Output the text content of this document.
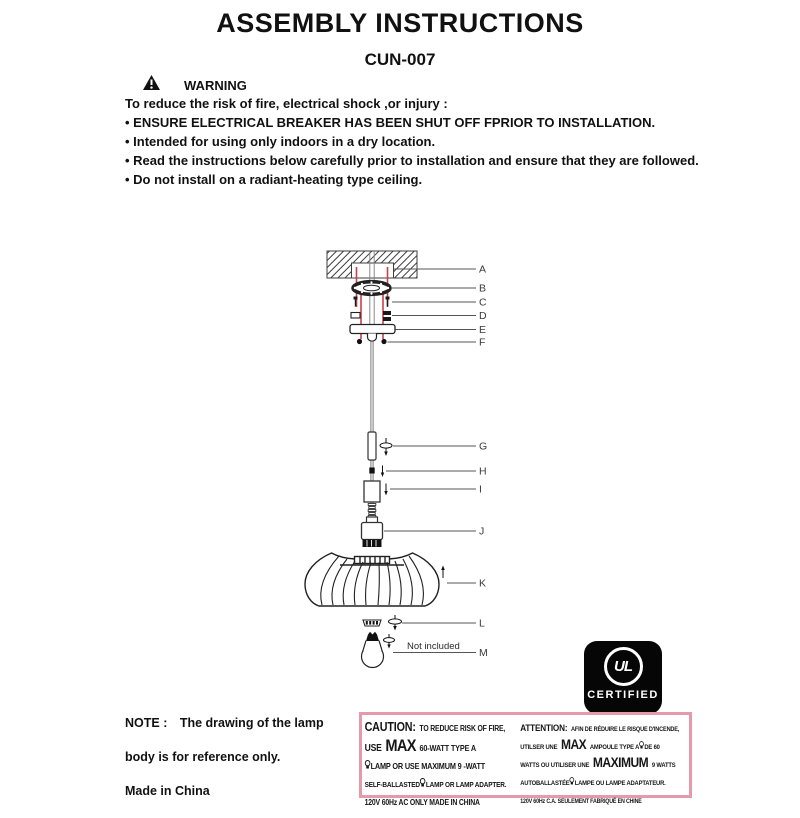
ASSEMBLY INSTRUCTIONS
CUN-007
WARNING
To reduce the risk of fire, electrical shock ,or injury :
• ENSURE ELECTRICAL BREAKER HAS BEEN SHUT OFF FPRIOR TO INSTALLATION.
• Intended for using only indoors in a dry location.
• Read the instructions below carefully prior to installation and ensure that they are followed.
• Do not install on a radiant-heating type ceiling.
A
B
C
D
E
F
G
H
I
J
K
L
M
Not included
UL
CERTIFIED
NOTE : The drawing of the lamp
body is for reference only.
Made in China
CAUTION: TO REDUCE RISK OF FIRE,
USE MAX 60-WATT TYPE A
LAMP OR USE MAXIMUM 9 -WATT
SELF-BALLASTED LAMP OR LAMP ADAPTER.
120V 60Hz AC ONLY MADE IN CHINA
ATTENTION: AFIN DE RÉDUIRE LE RISQUE D'INCENDE,
UTILSER UNE MAX AMPOULE TYPE A DE 60
WATTS OU UTILISER UNE MAXIMUM 9 WATTS
AUTOBALLASTÉE LAMPE OU LAMPE ADAPTATEUR.
120V 60Hz C.A. SEULEMENT FABRIQUÉ EN CHINE
